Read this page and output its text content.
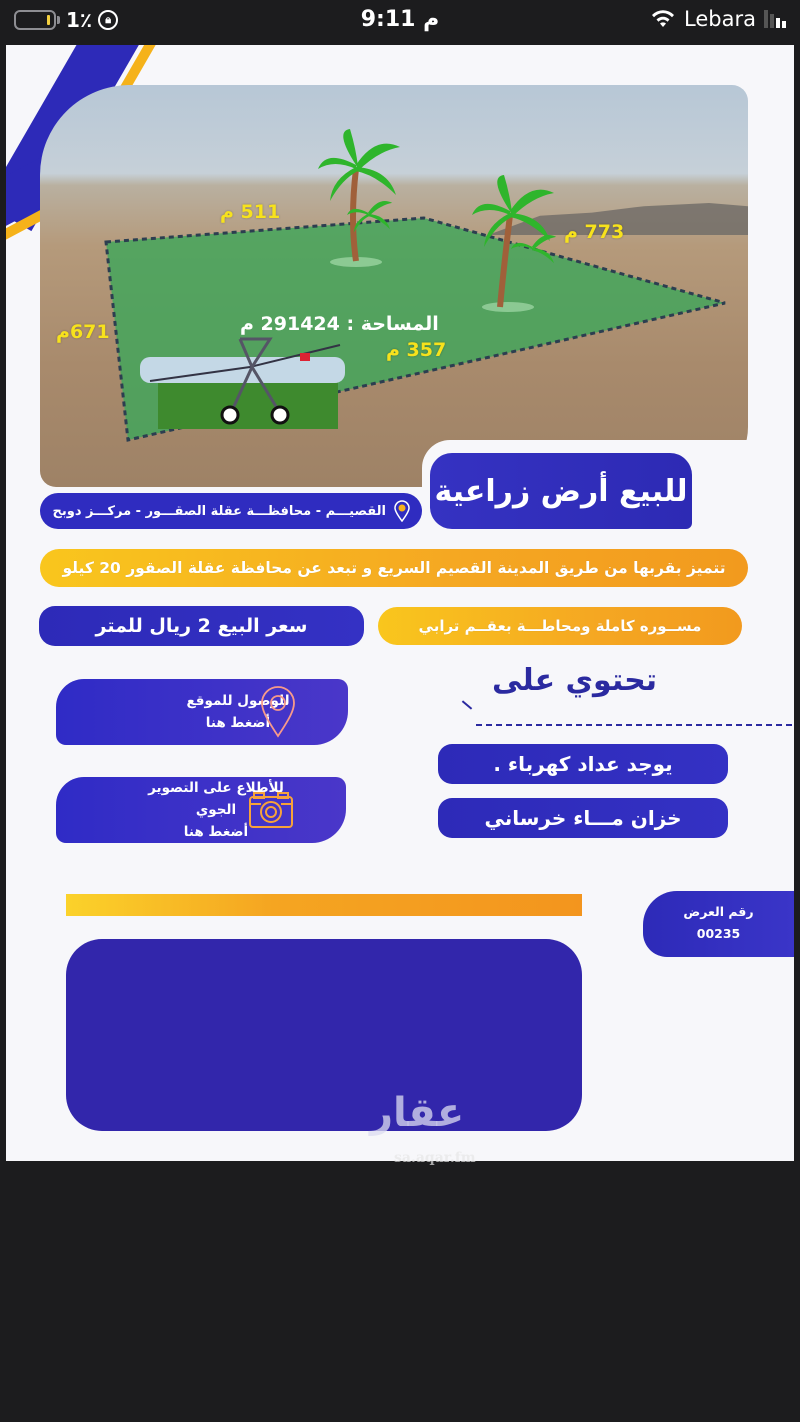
1٪	🔒︎	9:11 م	Lebara
511 م
773 م
671م
357 م
المساحة : 291424 م
للبيع أرض زراعية
القصيـــم - محافظـــة عقلة الصقـــور - مركـــز دوبح
تتميز بقربها من طريق المدينة القصيم السريع و تبعد عن محافظة عقلة الصقور 20 كيلو
سعر البيع 2 ريال للمتر	مســوره كاملة ومحاطـــة بعقــم ترابي
للوصول للموقع
أضغط هنا
للأطلاع على التصوير الجوي
أضغط هنا
تحتوي على
يوجد عداد كهرباء .
خزان مـــاء خرساني
رقم العرض
00235
عقار
sa.aqar.fm
